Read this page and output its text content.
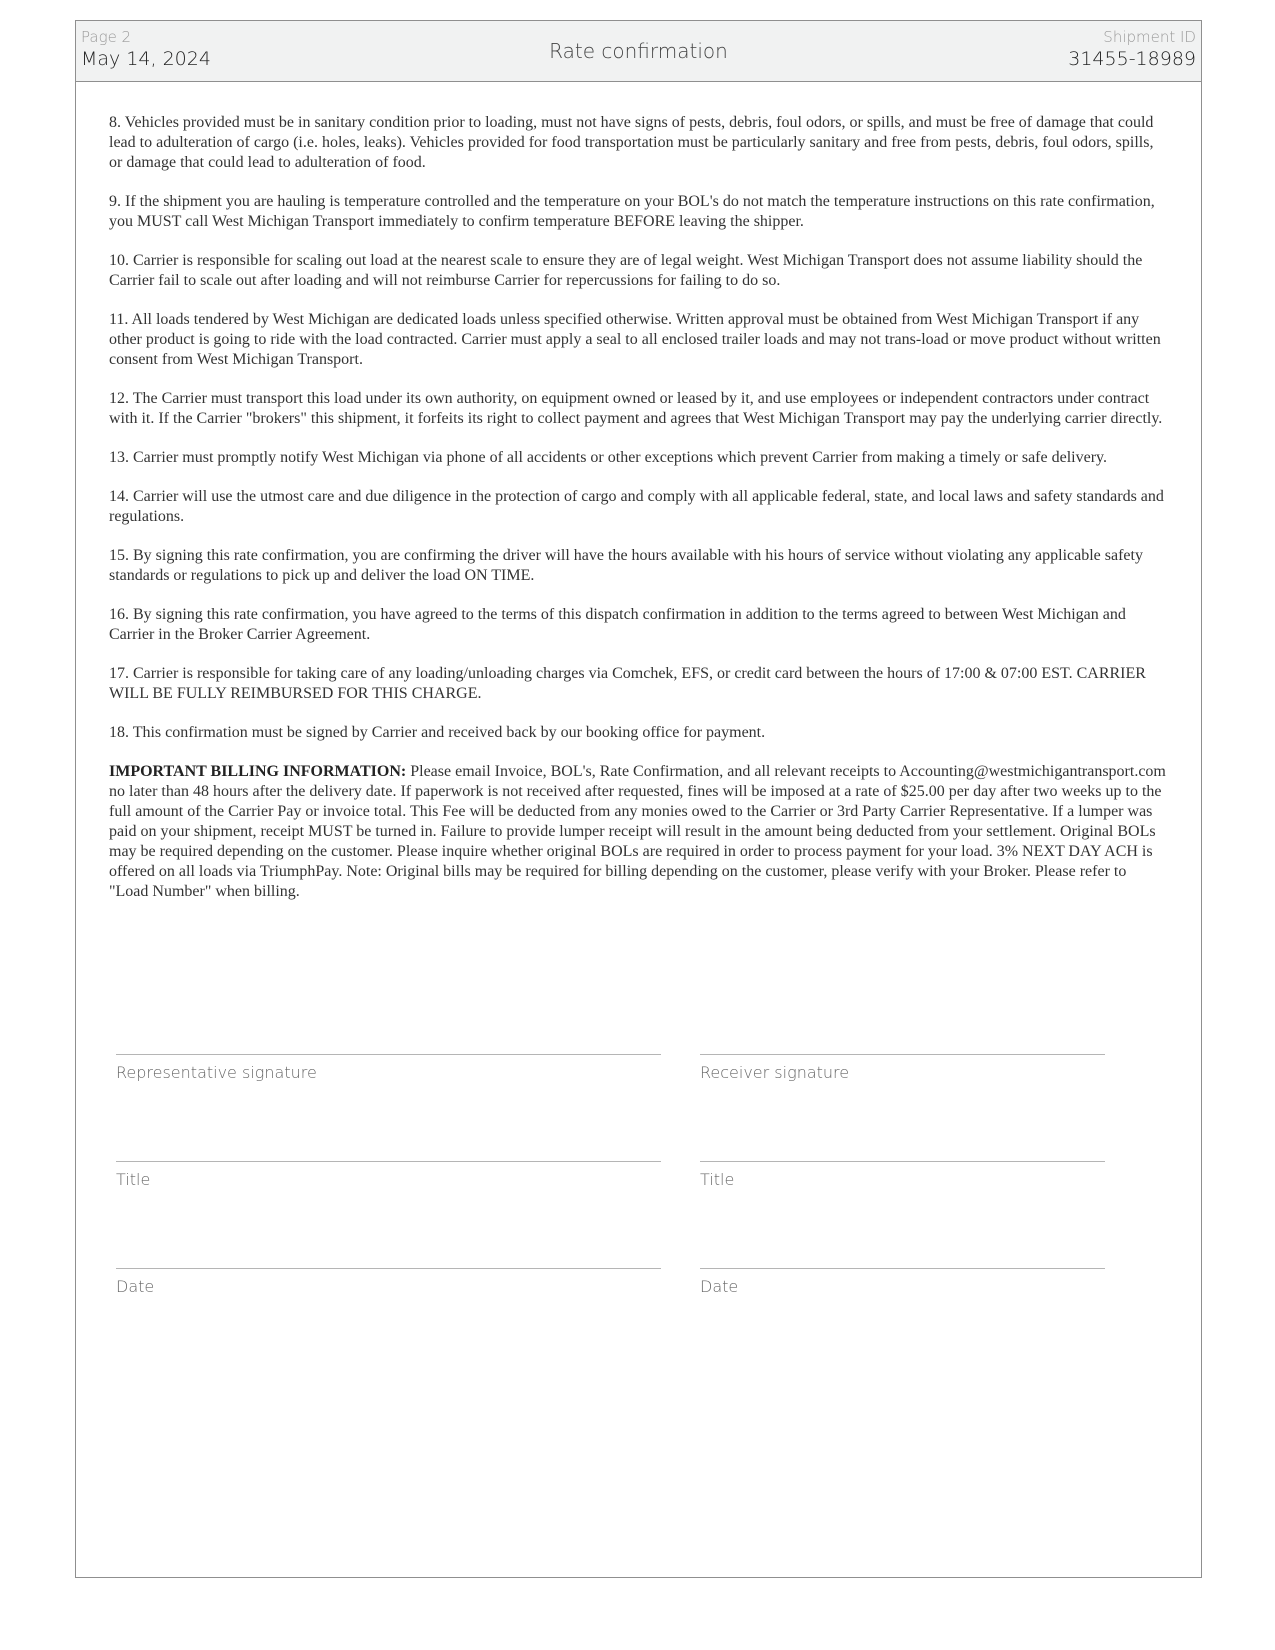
Page 2
May 14, 2024	Rate confirmation
Shipment ID
31455-18989

8. Vehicles provided must be in sanitary condition prior to loading, must not have signs of pests, debris, foul odors, or spills, and must be free of damage that could lead to adulteration of cargo (i.e. holes, leaks). Vehicles provided for food transportation must be particularly sanitary and free from pests, debris, foul odors, spills, or damage that could lead to adulteration of food.

9. If the shipment you are hauling is temperature controlled and the temperature on your BOL's do not match the temperature instructions on this rate confirmation, you MUST call West Michigan Transport immediately to confirm temperature BEFORE leaving the shipper.

10. Carrier is responsible for scaling out load at the nearest scale to ensure they are of legal weight. West Michigan Transport does not assume liability should the Carrier fail to scale out after loading and will not reimburse Carrier for repercussions for failing to do so.

11. All loads tendered by West Michigan are dedicated loads unless specified otherwise. Written approval must be obtained from West Michigan Transport if any other product is going to ride with the load contracted. Carrier must apply a seal to all enclosed trailer loads and may not trans-load or move product without written consent from West Michigan Transport.

12. The Carrier must transport this load under its own authority, on equipment owned or leased by it, and use employees or independent contractors under contract with it. If the Carrier "brokers" this shipment, it forfeits its right to collect payment and agrees that West Michigan Transport may pay the underlying carrier directly.

13. Carrier must promptly notify West Michigan via phone of all accidents or other exceptions which prevent Carrier from making a timely or safe delivery.

14. Carrier will use the utmost care and due diligence in the protection of cargo and comply with all applicable federal, state, and local laws and safety standards and regulations.

15. By signing this rate confirmation, you are confirming the driver will have the hours available with his hours of service without violating any applicable safety standards or regulations to pick up and deliver the load ON TIME.

16. By signing this rate confirmation, you have agreed to the terms of this dispatch confirmation in addition to the terms agreed to between West Michigan and Carrier in the Broker Carrier Agreement.

17. Carrier is responsible for taking care of any loading/unloading charges via Comchek, EFS, or credit card between the hours of 17:00 & 07:00 EST. CARRIER WILL BE FULLY REIMBURSED FOR THIS CHARGE.

18. This confirmation must be signed by Carrier and received back by our booking office for payment.

IMPORTANT BILLING INFORMATION: Please email Invoice, BOL's, Rate Confirmation, and all relevant receipts to Accounting@westmichigantransport.com no later than 48 hours after the delivery date. If paperwork is not received after requested, fines will be imposed at a rate of $25.00 per day after two weeks up to the full amount of the Carrier Pay or invoice total. This Fee will be deducted from any monies owed to the Carrier or 3rd Party Carrier Representative. If a lumper was paid on your shipment, receipt MUST be turned in. Failure to provide lumper receipt will result in the amount being deducted from your settlement. Original BOLs may be required depending on the customer. Please inquire whether original BOLs are required in order to process payment for your load. 3% NEXT DAY ACH is offered on all loads via TriumphPay. Note: Original bills may be required for billing depending on the customer, please verify with your Broker. Please refer to "Load Number" when billing.

Representative signature
Title
Date
Receiver signature
Title
Date
